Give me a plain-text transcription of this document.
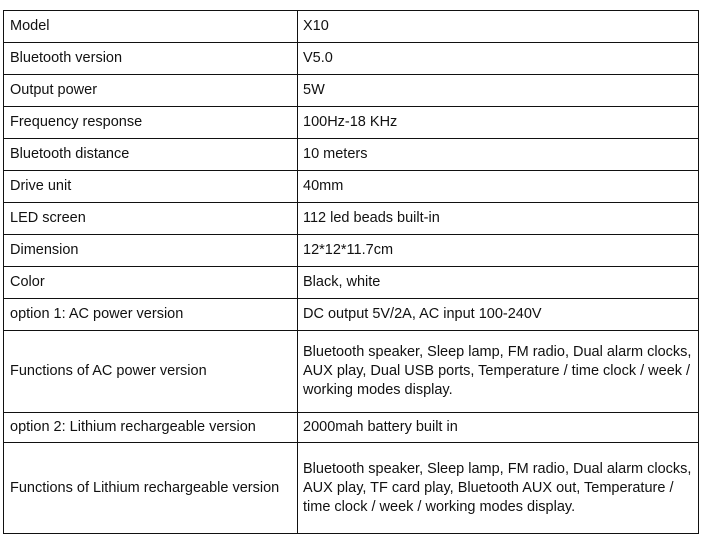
Model	X10
Bluetooth version	V5.0
Output power	5W
Frequency response	100Hz-18 KHz
Bluetooth distance	10 meters
Drive unit	40mm
LED screen	112 led beads built-in
Dimension	12*12*11.7cm
Color	Black, white
option 1: AC power version	DC output 5V/2A, AC input 100-240V
Functions of AC power version	Bluetooth speaker, Sleep lamp, FM radio, Dual alarm clocks, AUX play, Dual USB ports, Temperature / time clock / week / working modes display.
option 2: Lithium rechargeable version	2000mah battery built in
Functions of Lithium rechargeable version	Bluetooth speaker, Sleep lamp, FM radio, Dual alarm clocks, AUX play, TF card play, Bluetooth AUX out, Temperature / time clock / week / working modes display.
